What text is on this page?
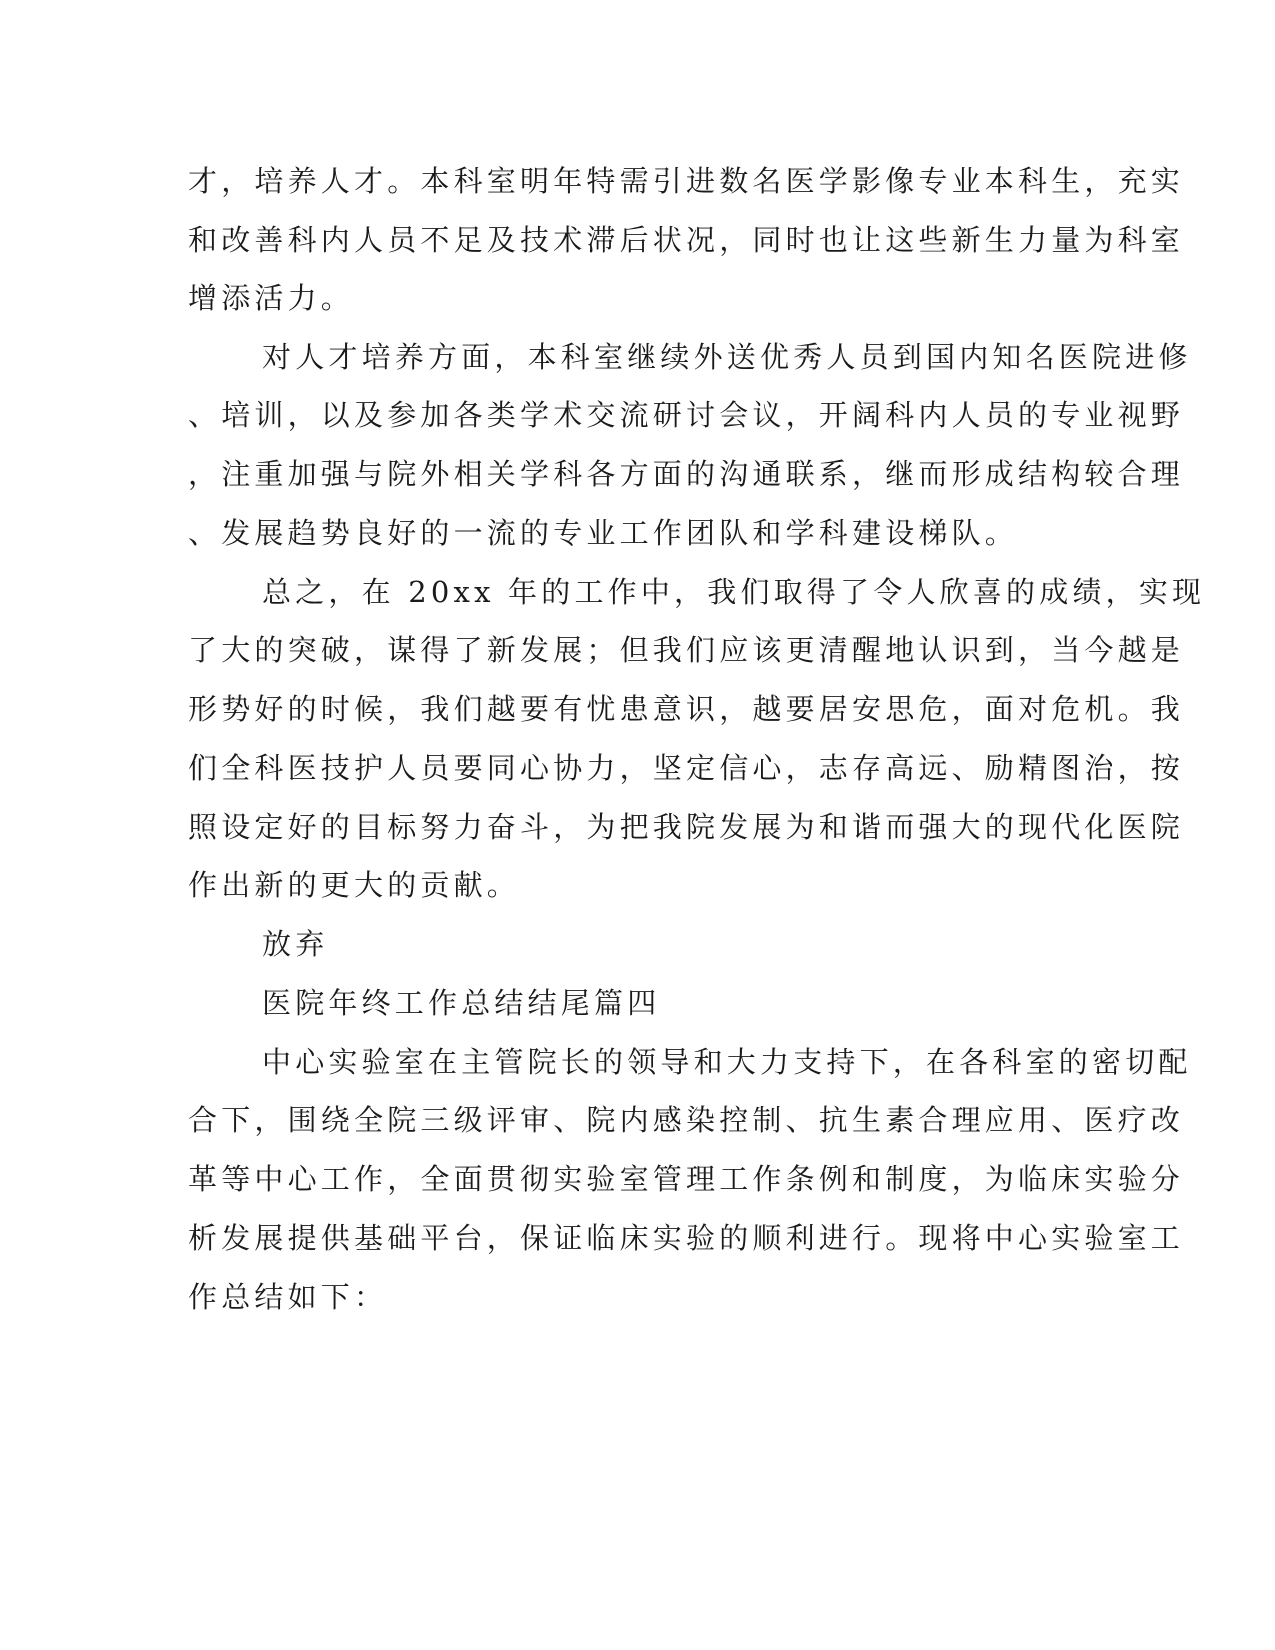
才，培养人才。本科室明年特需引进数名医学影像专业本科生，充实
和改善科内人员不足及技术滞后状况，同时也让这些新生力量为科室
增添活力。
对人才培养方面，本科室继续外送优秀人员到国内知名医院进修
、培训，以及参加各类学术交流研讨会议，开阔科内人员的专业视野
，注重加强与院外相关学科各方面的沟通联系，继而形成结构较合理
、发展趋势良好的一流的专业工作团队和学科建设梯队。
总之，在 20xx 年的工作中，我们取得了令人欣喜的成绩，实现
了大的突破，谋得了新发展；但我们应该更清醒地认识到，当今越是
形势好的时候，我们越要有忧患意识，越要居安思危，面对危机。我
们全科医技护人员要同心协力，坚定信心，志存高远、励精图治，按
照设定好的目标努力奋斗，为把我院发展为和谐而强大的现代化医院
作出新的更大的贡献。
放弃
医院年终工作总结结尾篇四
中心实验室在主管院长的领导和大力支持下，在各科室的密切配
合下，围绕全院三级评审、院内感染控制、抗生素合理应用、医疗改
革等中心工作，全面贯彻实验室管理工作条例和制度，为临床实验分
析发展提供基础平台，保证临床实验的顺利进行。现将中心实验室工
作总结如下：
